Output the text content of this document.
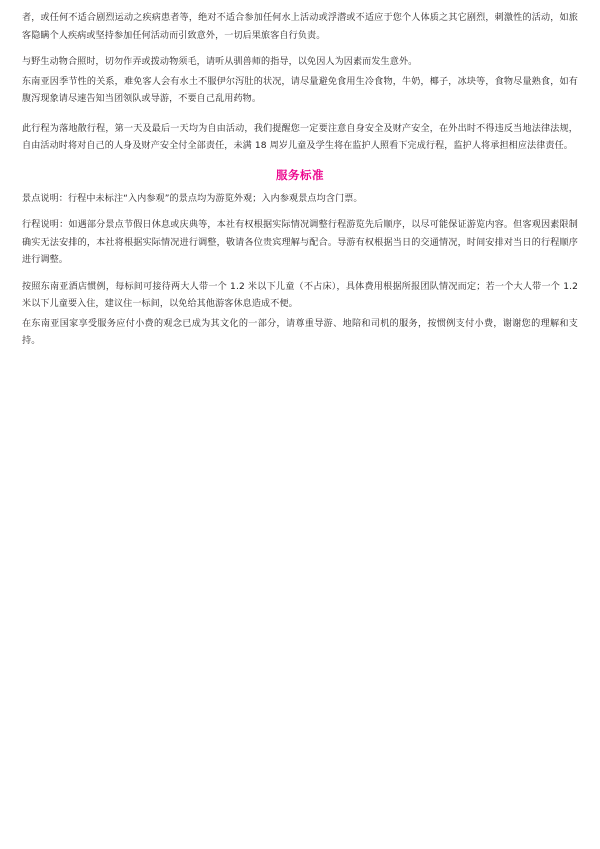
者，或任何不适合剧烈运动之疾病患者等，绝对不适合参加任何水上活动或浮潜或不适应于您个人体质之其它剧烈，刺激性的活动，如旅客隐瞒个人疾病或坚持参加任何活动而引致意外，一切后果旅客自行负责。

与野生动物合照时，切勿作弄或拨动物须毛，请听从驯兽师的指导，以免因人为因素而发生意外。

东南亚因季节性的关系，难免客人会有水土不服伊尔泻肚的状况，请尽量避免食用生冷食物，牛奶，椰子，冰块等，食物尽量熟食，如有腹泻现象请尽速告知当团领队或导游，不要自己乱用药物。

此行程为落地散行程，第一天及最后一天均为自由活动，我们提醒您一定要注意自身安全及财产安全，在外出时不得违反当地法律法规，自由活动时将对自己的人身及财产安全付全部责任，未满 18 周岁儿童及学生将在监护人照看下完成行程，监护人将承担相应法律责任。

服务标准

景点说明：行程中未标注“入内参观”的景点均为游览外观；入内参观景点均含门票。

行程说明：如遇部分景点节假日休息或庆典等，本社有权根据实际情况调整行程游览先后顺序，以尽可能保证游览内容。但客观因素限制确实无法安排的，本社将根据实际情况进行调整，敬请各位贵宾理解与配合。导游有权根据当日的交通情况，时间安排对当日的行程顺序进行调整。

按照东南亚酒店惯例，每标间可接待两大人带一个 1.2 米以下儿童（不占床），具体费用根据所报团队情况而定；若一个大人带一个 1.2 米以下儿童要入住，建议住一标间，以免给其他游客休息造成不便。

在东南亚国家享受服务应付小费的观念已成为其文化的一部分，请尊重导游、地陪和司机的服务，按惯例支付小费，谢谢您的理解和支持。
